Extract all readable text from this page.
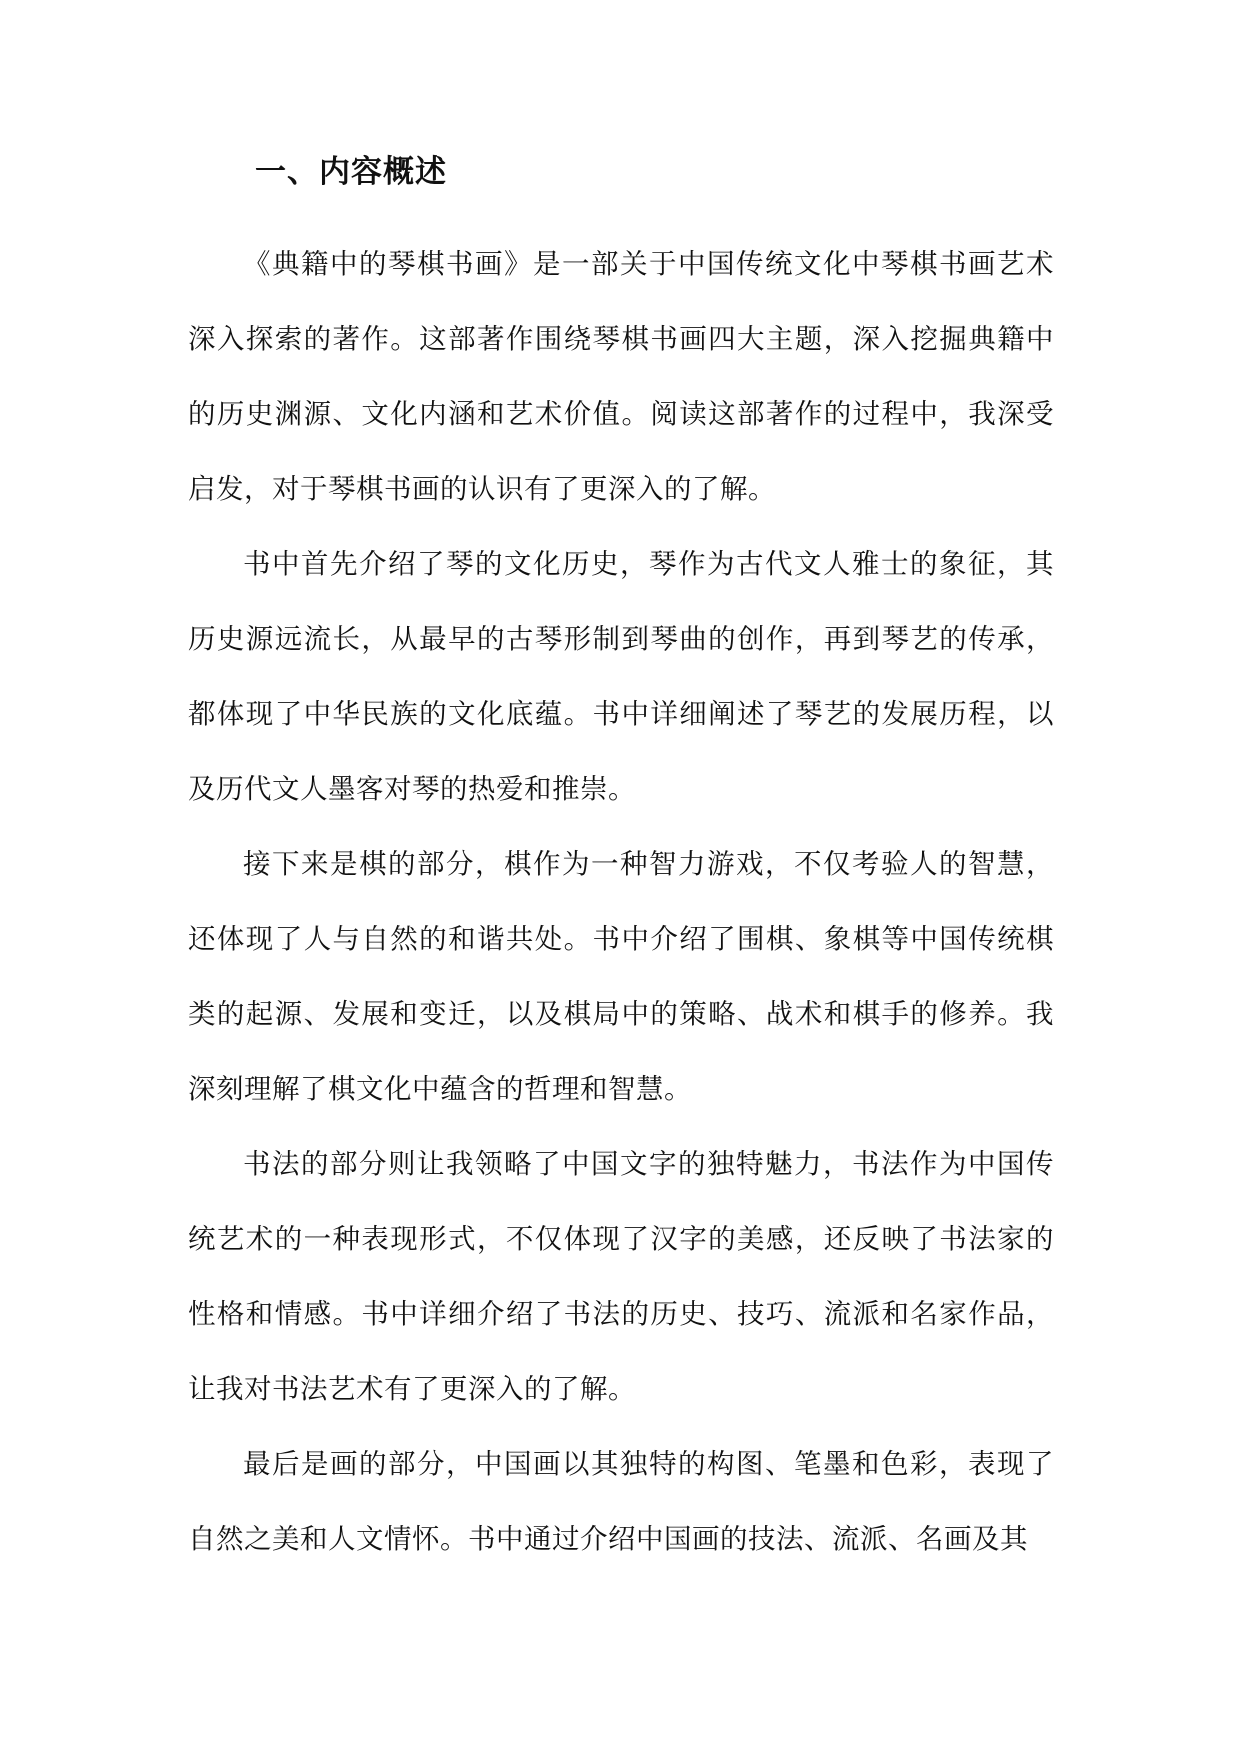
一、内容概述

《典籍中的琴棋书画》是一部关于中国传统文化中琴棋书画艺术深入探索的著作。这部著作围绕琴棋书画四大主题，深入挖掘典籍中的历史渊源、文化内涵和艺术价值。阅读这部著作的过程中，我深受启发，对于琴棋书画的认识有了更深入的了解。

书中首先介绍了琴的文化历史，琴作为古代文人雅士的象征，其历史源远流长，从最早的古琴形制到琴曲的创作，再到琴艺的传承，都体现了中华民族的文化底蕴。书中详细阐述了琴艺的发展历程，以及历代文人墨客对琴的热爱和推崇。

接下来是棋的部分，棋作为一种智力游戏，不仅考验人的智慧，还体现了人与自然的和谐共处。书中介绍了围棋、象棋等中国传统棋类的起源、发展和变迁，以及棋局中的策略、战术和棋手的修养。我深刻理解了棋文化中蕴含的哲理和智慧。

书法的部分则让我领略了中国文字的独特魅力，书法作为中国传统艺术的一种表现形式，不仅体现了汉字的美感，还反映了书法家的性格和情感。书中详细介绍了书法的历史、技巧、流派和名家作品，让我对书法艺术有了更深入的了解。

最后是画的部分，中国画以其独特的构图、笔墨和色彩，表现了自然之美和人文情怀。书中通过介绍中国画的技法、流派、名画及其
